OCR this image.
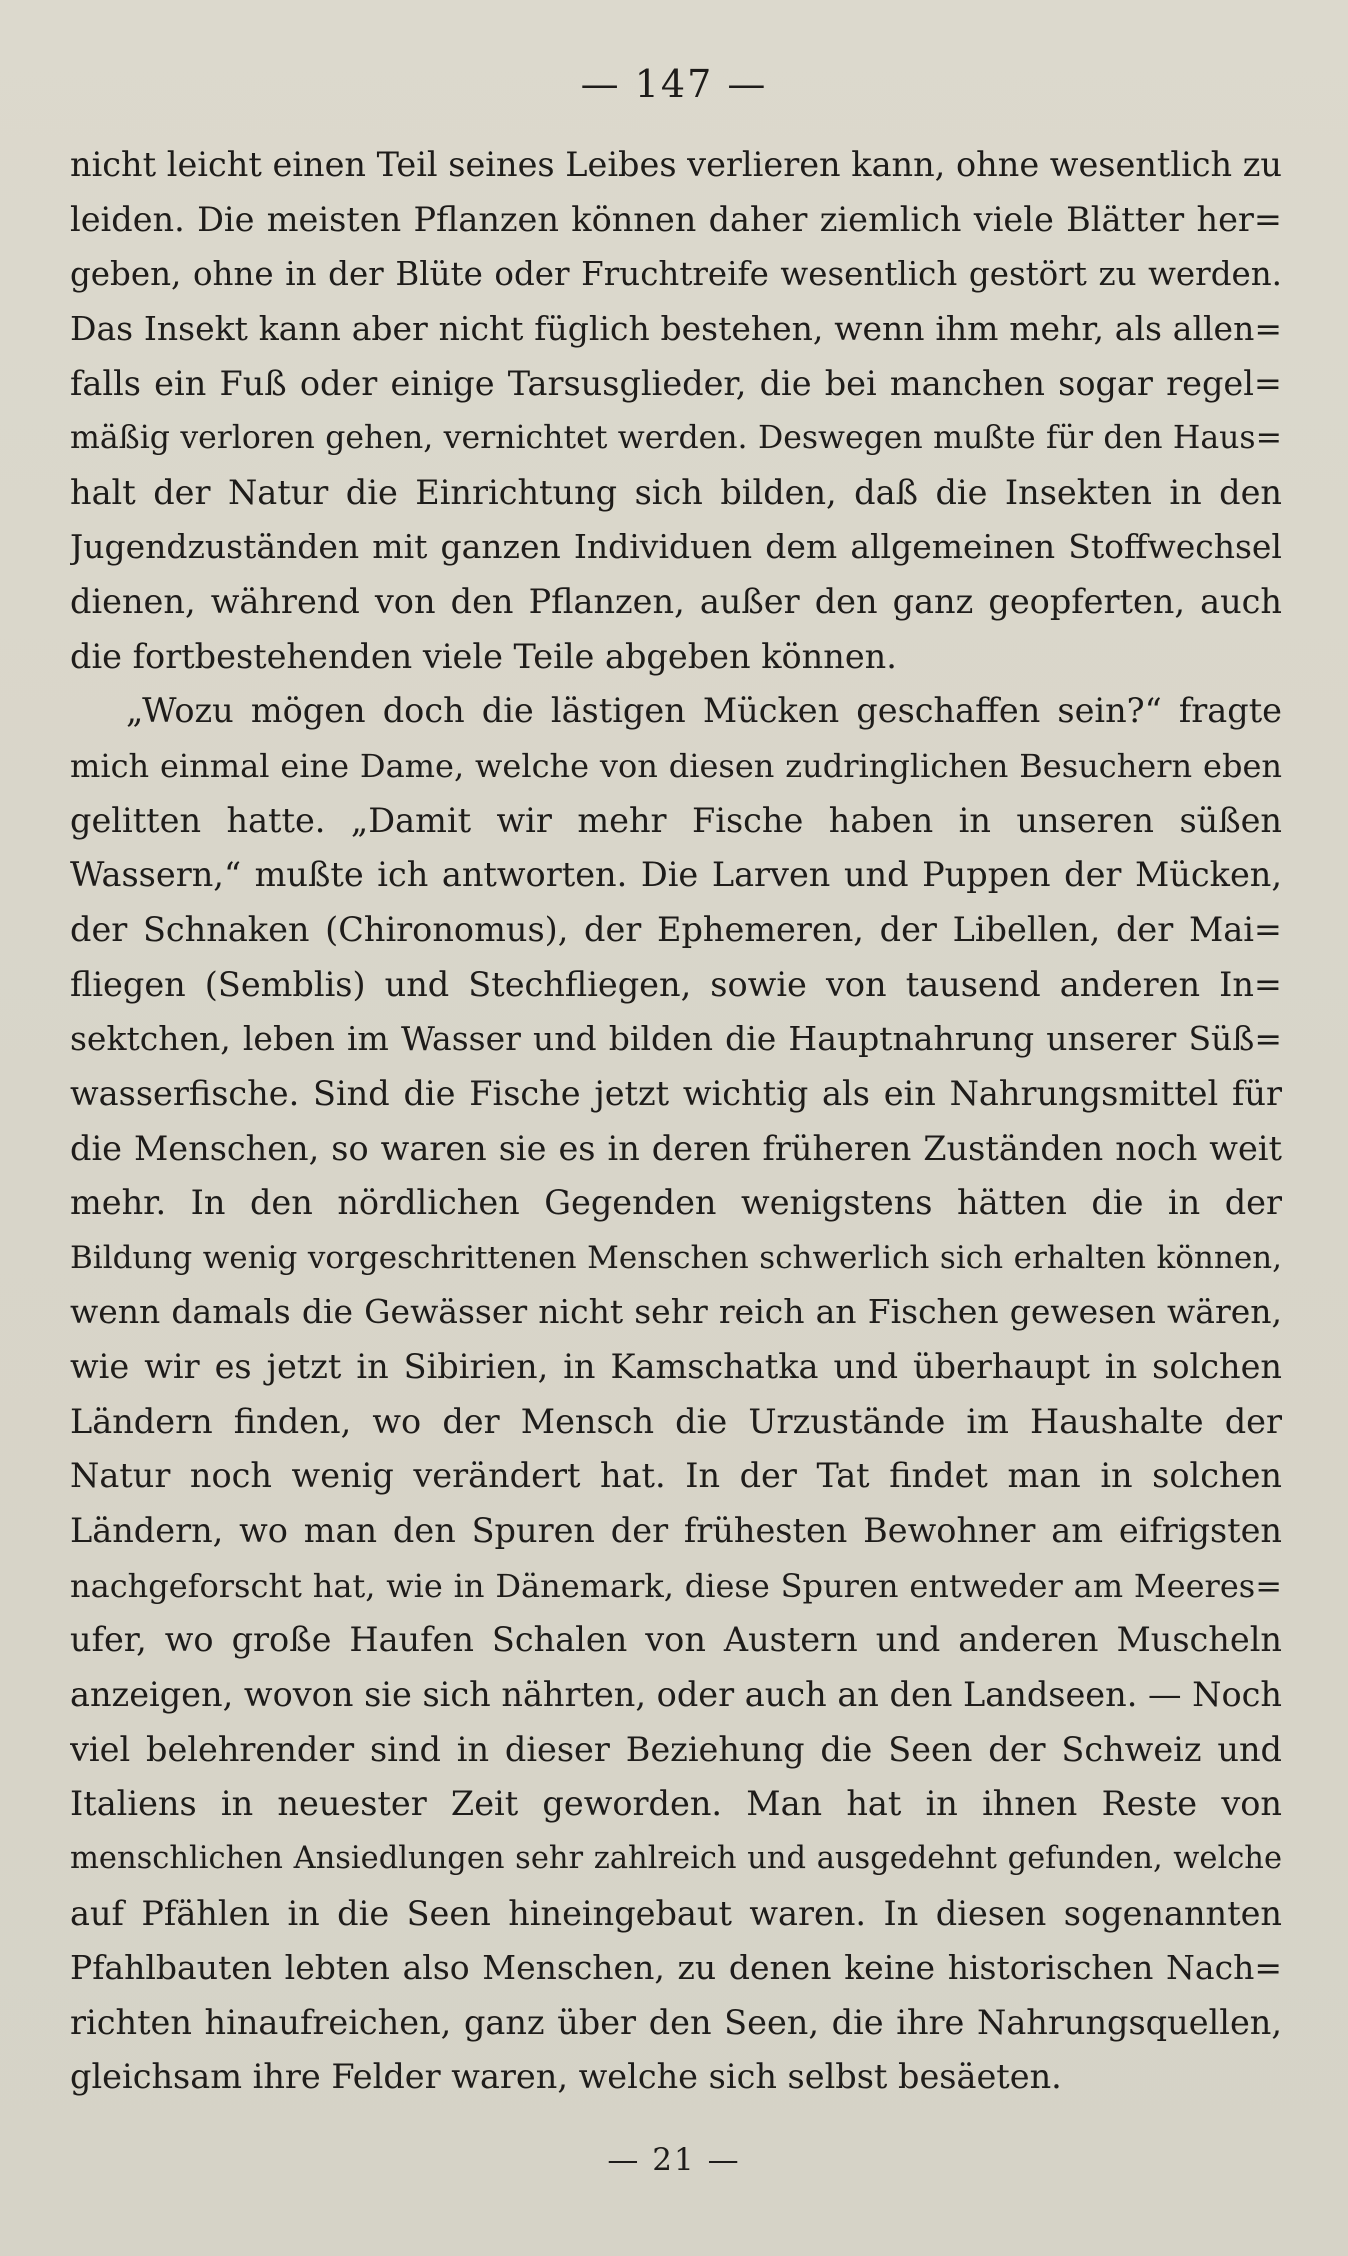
— 147 —
nicht leicht einen Teil seines Leibes verlieren kann, ohne wesentlich zu
leiden. Die meisten Pflanzen können daher ziemlich viele Blätter her=
geben, ohne in der Blüte oder Fruchtreife wesentlich gestört zu werden.
Das Insekt kann aber nicht füglich bestehen, wenn ihm mehr, als allen=
falls ein Fuß oder einige Tarsusglieder, die bei manchen sogar regel=
mäßig verloren gehen, vernichtet werden. Deswegen mußte für den Haus=
halt der Natur die Einrichtung sich bilden, daß die Insekten in den
Jugendzuständen mit ganzen Individuen dem allgemeinen Stoffwechsel
dienen, während von den Pflanzen, außer den ganz geopferten, auch
die fortbestehenden viele Teile abgeben können.
„Wozu mögen doch die lästigen Mücken geschaffen sein?“ fragte
mich einmal eine Dame, welche von diesen zudringlichen Besuchern eben
gelitten hatte. „Damit wir mehr Fische haben in unseren süßen
Wassern,“ mußte ich antworten. Die Larven und Puppen der Mücken,
der Schnaken (Chironomus), der Ephemeren, der Libellen, der Mai=
fliegen (Semblis) und Stechfliegen, sowie von tausend anderen In=
sektchen, leben im Wasser und bilden die Hauptnahrung unserer Süß=
wasserfische. Sind die Fische jetzt wichtig als ein Nahrungsmittel für
die Menschen, so waren sie es in deren früheren Zuständen noch weit
mehr. In den nördlichen Gegenden wenigstens hätten die in der
Bildung wenig vorgeschrittenen Menschen schwerlich sich erhalten können,
wenn damals die Gewässer nicht sehr reich an Fischen gewesen wären,
wie wir es jetzt in Sibirien, in Kamschatka und überhaupt in solchen
Ländern finden, wo der Mensch die Urzustände im Haushalte der
Natur noch wenig verändert hat. In der Tat findet man in solchen
Ländern, wo man den Spuren der frühesten Bewohner am eifrigsten
nachgeforscht hat, wie in Dänemark, diese Spuren entweder am Meeres=
ufer, wo große Haufen Schalen von Austern und anderen Muscheln
anzeigen, wovon sie sich nährten, oder auch an den Landseen. — Noch
viel belehrender sind in dieser Beziehung die Seen der Schweiz und
Italiens in neuester Zeit geworden. Man hat in ihnen Reste von
menschlichen Ansiedlungen sehr zahlreich und ausgedehnt gefunden, welche
auf Pfählen in die Seen hineingebaut waren. In diesen sogenannten
Pfahlbauten lebten also Menschen, zu denen keine historischen Nach=
richten hinaufreichen, ganz über den Seen, die ihre Nahrungsquellen,
gleichsam ihre Felder waren, welche sich selbst besäeten.
— 21 —
